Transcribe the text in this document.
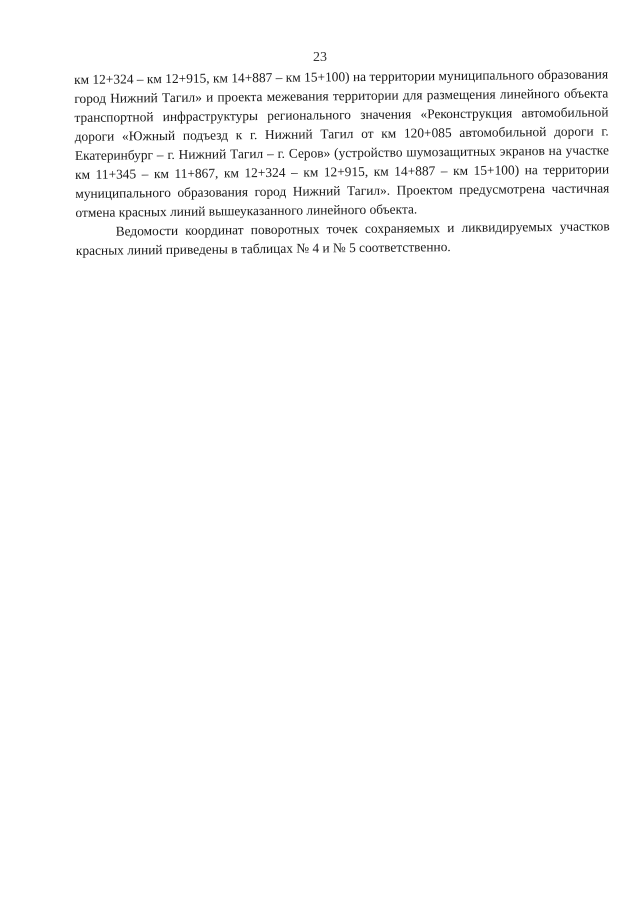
23

км 12+324 – км 12+915, км 14+887 – км 15+100) на территории муниципального образования город Нижний Тагил» и проекта межевания территории для размещения линейного объекта транспортной инфраструктуры регионального значения «Реконструкция автомобильной дороги «Южный подъезд к г. Нижний Тагил от км 120+085 автомобильной дороги г. Екатеринбург – г. Нижний Тагил – г. Серов» (устройство шумозащитных экранов на участке км 11+345 – км 11+867, км 12+324 – км 12+915, км 14+887 – км 15+100) на территории муниципального образования город Нижний Тагил». Проектом предусмотрена частичная отмена красных линий вышеуказанного линейного объекта.

Ведомости координат поворотных точек сохраняемых и ликвидируемых участков красных линий приведены в таблицах № 4 и № 5 соответственно.
